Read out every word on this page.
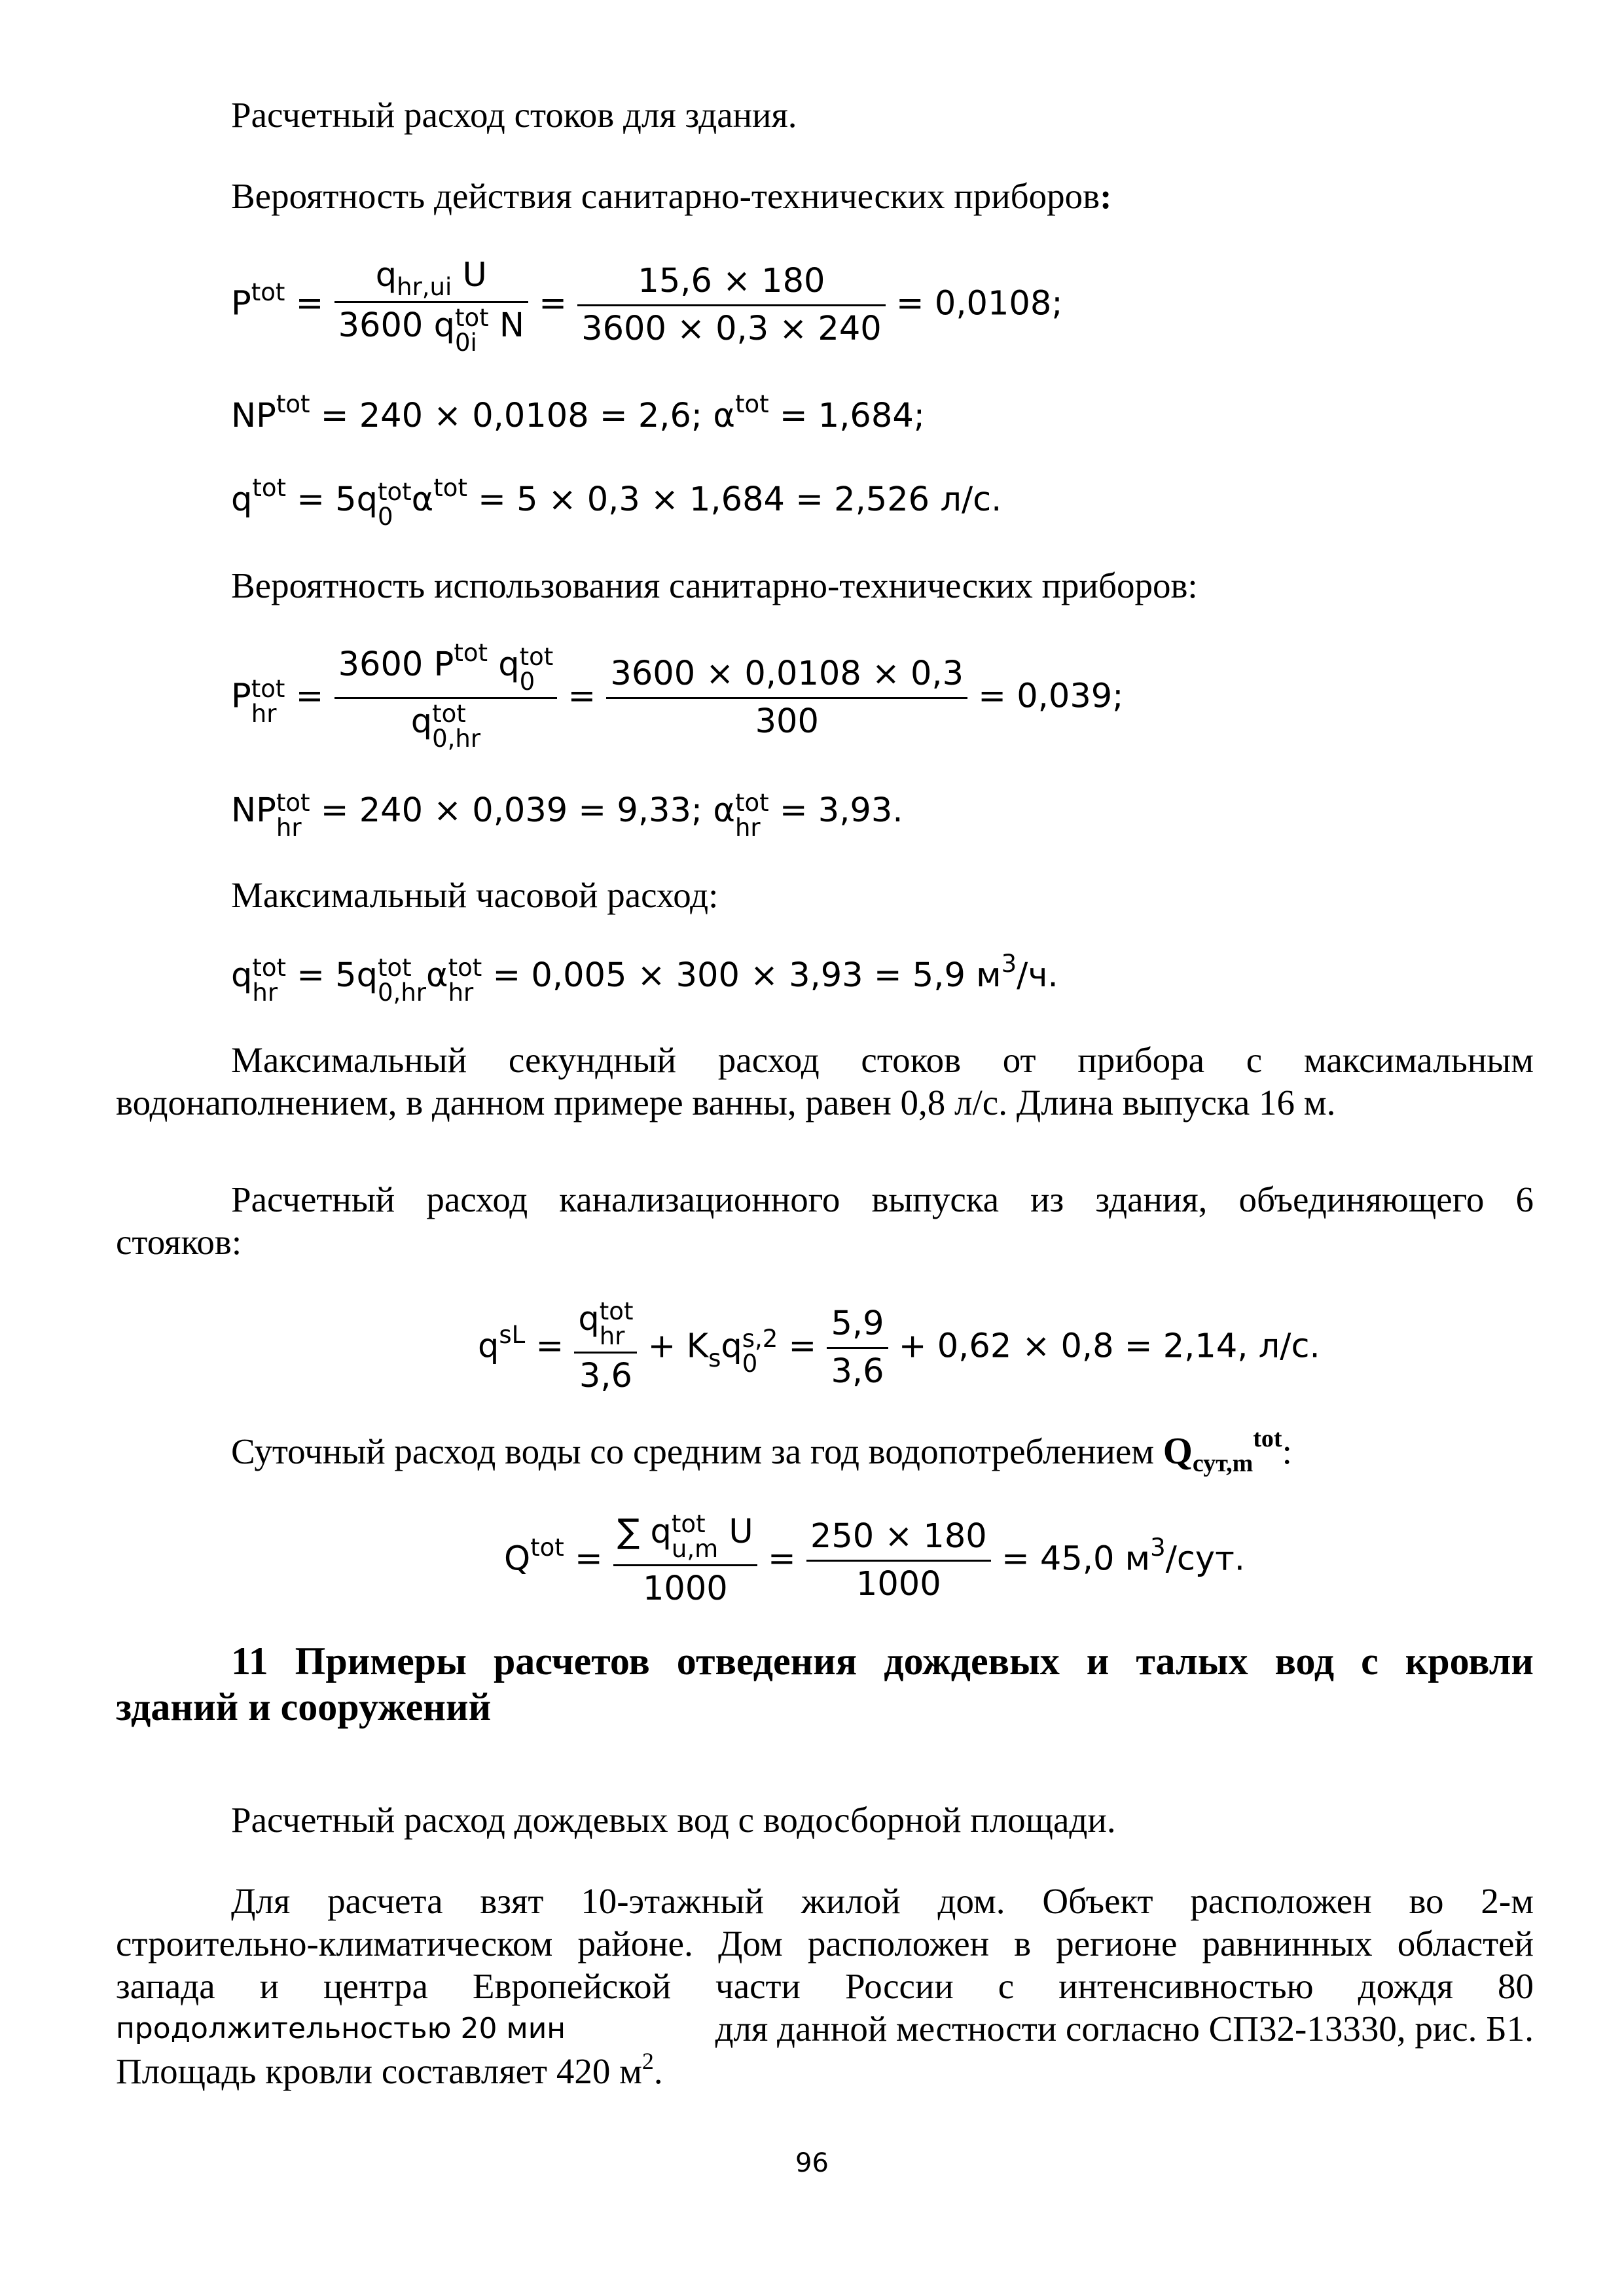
Расчетный расход стоков для здания.

Вероятность действия санитарно-технических приборов:

$P^{tot} = q_{hr,ui}$ U
3600 q tot
0i $N = \frac{15,6 \times 180}{3600 \times 0,3 \times 240} = 0,0108$;
$NP^{tot} = 240 \times 0,0108 = 2,6$; $\alpha^{tot} = 1,684$;
$q^{tot} = 5q$ tot
0 $\alpha^{tot} = 5 \times 0,3 \times 1,684 = 2,526$ л/с.

Вероятность использования санитарно-технических приборов:

P tot
hr = 3600 $P^{tot}$ q tot
0
q tot
$0,hr = \frac{3600 \times 0,0108 \times 0,3}{300} = 0,039$;
NP tot
hr = 240 × 0,039 = 9,33; α tot
hr = 3,93.

Максимальный часовой расход:

q tot
hr = 5q tot
0,hr α tot
hr = 0,005 × 300 × 3,93 = 5,9 $м^3/ч$.

Максимальный секундный расход стоков от прибора с максимальным

водонаполнением, в данном примере ванны, равен 0,8 л/с. Длина выпуска 16 м.

Расчетный расход канализационного выпуска из здания, объединяющего 6

стояков:

$q^{sL} = q$ tot
hr
$3,6 + K_sq$ s,2
$0 = \frac{5,9}{3,6} + 0,62 \times 0,8 = 2,14$, л/с.

Суточный расход воды со средним за год водопотреблением $Q_{сут,m}^{tot}$:

$Q^{tot}$ = ∑ q tot
u,m U
$1000 = \frac{250 \times 180}{1000} = 45,0$ $м^3$/сут.

11 Примеры расчетов отведения дождевых и талых вод с кровли

зданий и сооружений

Расчетный расход дождевых вод с водосборной площади.

Для расчета взят 10-этажный жилой дом. Объект расположен во 2-м

строительно-климатическом районе. Дом расположен в регионе равнинных областей

запада и центра Европейской части России с интенсивностью дождя 80

продолжительностью 20 мин	для данной местности согласно СП32-13330, рис. Б1.

Площадь кровли составляет 420 $м^2$.

96
